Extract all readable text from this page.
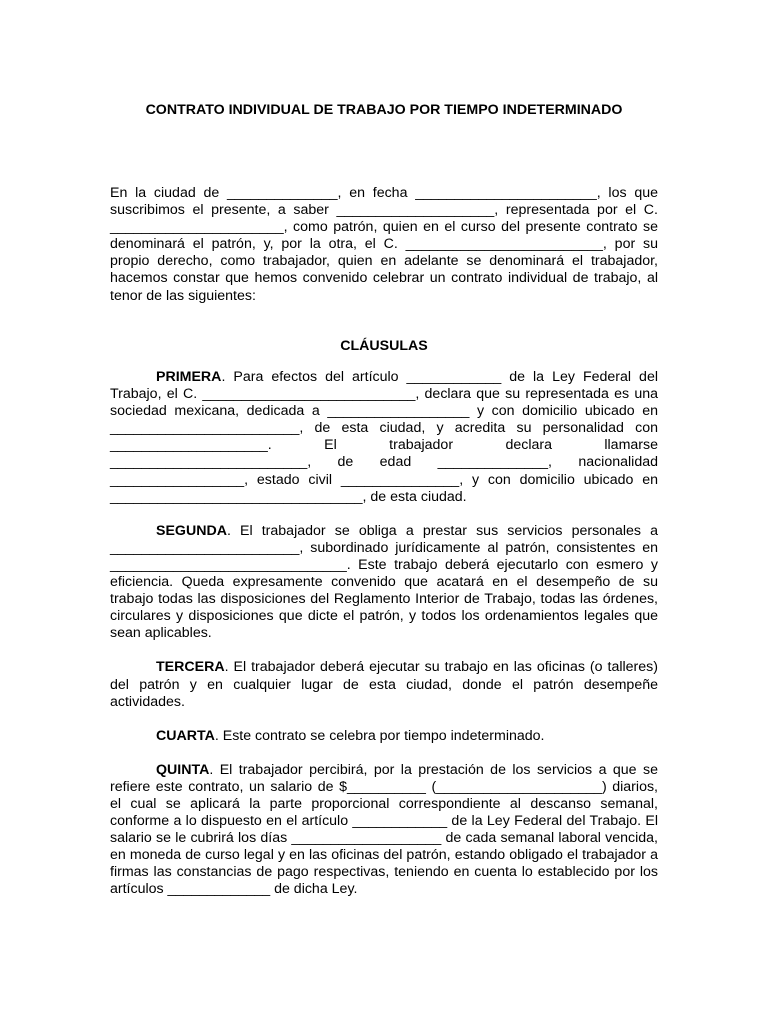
CONTRATO INDIVIDUAL DE TRABAJO POR TIEMPO INDETERMINADO

En la ciudad de ______________, en fecha _______________________, los que suscribimos el presente, a saber ____________________, representada por el C. ______________________, como patrón, quien en el curso del presente contrato se denominará el patrón, y, por la otra, el C. _________________________, por su propio derecho, como trabajador, quien en adelante se denominará el trabajador, hacemos constar que hemos convenido celebrar un contrato individual de trabajo, al tenor de las siguientes:

CLÁUSULAS

PRIMERA. Para efectos del artículo ____________ de la Ley Federal del Trabajo, el C. ___________________________, declara que su representada es una sociedad mexicana, dedicada a __________________ y con domicilio ubicado en ________________________, de esta ciudad, y acredita su personalidad con ____________________. El trabajador declara llamarse _________________________, de edad ______________, nacionalidad _________________, estado civil _______________, y con domicilio ubicado en ________________________________, de esta ciudad.

SEGUNDA. El trabajador se obliga a prestar sus servicios personales a ________________________, subordinado jurídicamente al patrón, consistentes en ______________________________. Este trabajo deberá ejecutarlo con esmero y eficiencia. Queda expresamente convenido que acatará en el desempeño de su trabajo todas las disposiciones del Reglamento Interior de Trabajo, todas las órdenes, circulares y disposiciones que dicte el patrón, y todos los ordenamientos legales que sean aplicables.

TERCERA. El trabajador deberá ejecutar su trabajo en las oficinas (o talleres) del patrón y en cualquier lugar de esta ciudad, donde el patrón desempeñe actividades.

CUARTA. Este contrato se celebra por tiempo indeterminado.

QUINTA. El trabajador percibirá, por la prestación de los servicios a que se refiere este contrato, un salario de $__________ (_____________________) diarios, el cual se aplicará la parte proporcional correspondiente al descanso semanal, conforme a lo dispuesto en el artículo ____________ de la Ley Federal del Trabajo. El salario se le cubrirá los días ___________________ de cada semanal laboral vencida, en moneda de curso legal y en las oficinas del patrón, estando obligado el trabajador a firmas las constancias de pago respectivas, teniendo en cuenta lo establecido por los artículos _____________ de dicha Ley.
